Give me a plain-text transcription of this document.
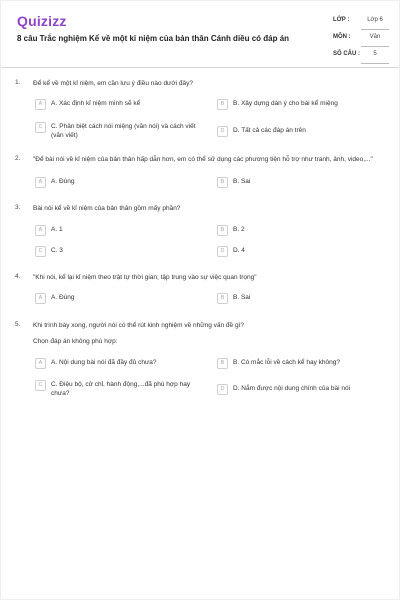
Quizizz
8 câu Trắc nghiệm Kể về một kỉ niệm của bản thân Cánh diều có đáp án
LỚP :	Lớp 6
MÔN :	Văn
SỐ CÂU :	5
1. Để kể về một kỉ niệm, em cần lưu ý điều nào dưới đây?
A	A. Xác định kỉ niệm mình sẽ kể	B	B. Xây dựng dàn ý cho bài kể miệng
C	C. Phân biệt cách nói miệng (văn nói) và cách viết (văn viết)
D	D. Tất cả các đáp án trên
2. "Để bài nói về kỉ niệm của bản thân hấp dẫn hơn, em có thể sử dụng các phương tiện hỗ trợ như tranh, ảnh, video,..."
A	A. Đúng	B	B. Sai
3. Bài nói kể về kỉ niệm của bản thân gồm mấy phần?
A	A. 1	B	B. 2
C	C. 3	D	D. 4
4. "Khi nói, kể lại kỉ niệm theo trật tự thời gian; tập trung vào sự việc quan trọng"
A	A. Đúng	B	B. Sai
5. Khi trình bày xong, người nói có thể rút kinh nghiệm về những vấn đề gì?
Chọn đáp án không phù hợp:
A	A. Nội dung bài nói đã đầy đủ chưa?	B	B. Có mắc lỗi về cách kể hay không?
C	C. Điệu bộ, cử chỉ, hành động,...đã phù hợp hay chưa?
D	D. Nắm được nội dung chính của bài nói
